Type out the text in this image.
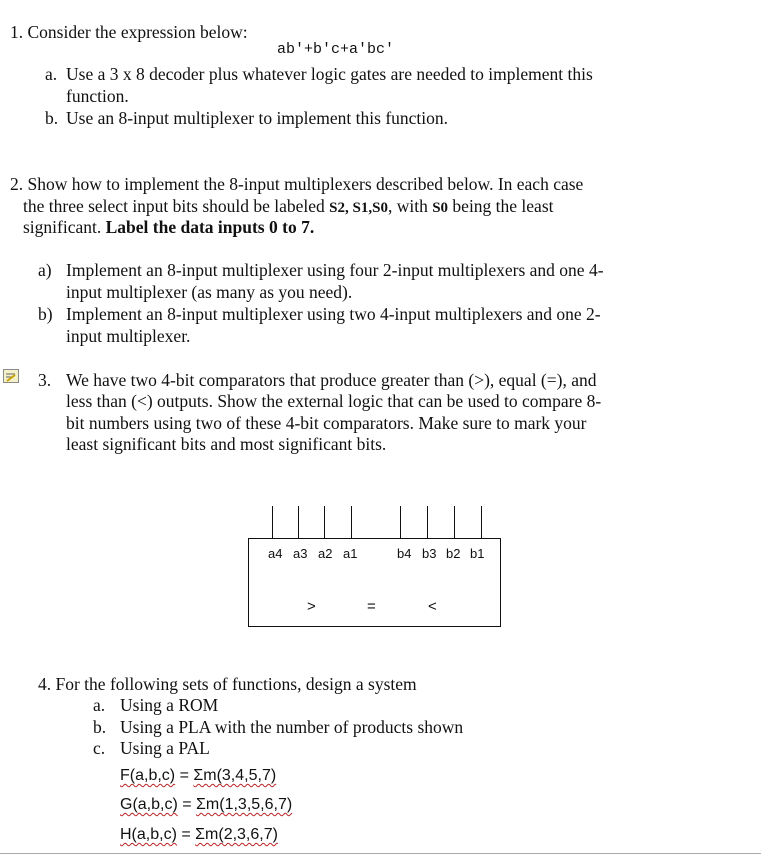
1. Consider the expression below:
ab'+b'c+a'bc'
a. Use a 3 x 8 decoder plus whatever logic gates are needed to implement this
function.
b. Use an 8-input multiplexer to implement this function.
2. Show how to implement the 8-input multiplexers described below. In each case
the three select input bits should be labeled S2, S1,S0, with S0 being the least
significant. Label the data inputs 0 to 7.
a) Implement an 8-input multiplexer using four 2-input multiplexers and one 4-
input multiplexer (as many as you need).
b) Implement an 8-input multiplexer using two 4-input multiplexers and one 2-
input multiplexer.
3. We have two 4-bit comparators that produce greater than (>), equal (=), and
less than (<) outputs. Show the external logic that can be used to compare 8-
bit numbers using two of these 4-bit comparators. Make sure to mark your
least significant bits and most significant bits.
a4 a3 a2 a1	b4 b3 b2 b1
>	=	<
4. For the following sets of functions, design a system
a. Using a ROM
b. Using a PLA with the number of products shown
c. Using a PAL
F(a,b,c) = Σm(3,4,5,7)
G(a,b,c) = Σm(1,3,5,6,7)
H(a,b,c) = Σm(2,3,6,7)
